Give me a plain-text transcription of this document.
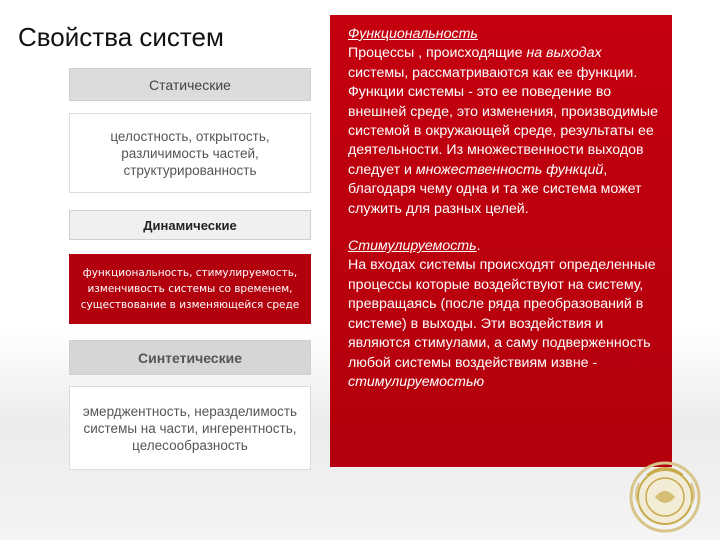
Свойства систем
Статические
целостность, открытость, различимость частей, структурированность
Динамические
функциональность, стимулируемость, изменчивость системы со временем, существование в изменяющейся среде
Синтетические
эмерджентность, неразделимость системы на части, ингерентность, целесообразность

Функциональность
Процессы , происходящие на выходах системы, рассматриваются как ее функции.
Функции системы - это ее поведение во внешней среде, это изменения, производимые системой в окружающей среде, результаты ее деятельности. Из множественности выходов следует и множественность функций, благодаря чему одна и та же система может служить для разных целей.

Стимулируемость.
На входах системы происходят определенные процессы которые воздействуют на систему, превращаясь (после ряда преобразований в системе) в выходы. Эти воздействия и являются стимулами, а саму подверженность любой системы воздействиям извне - стимулируемостью
